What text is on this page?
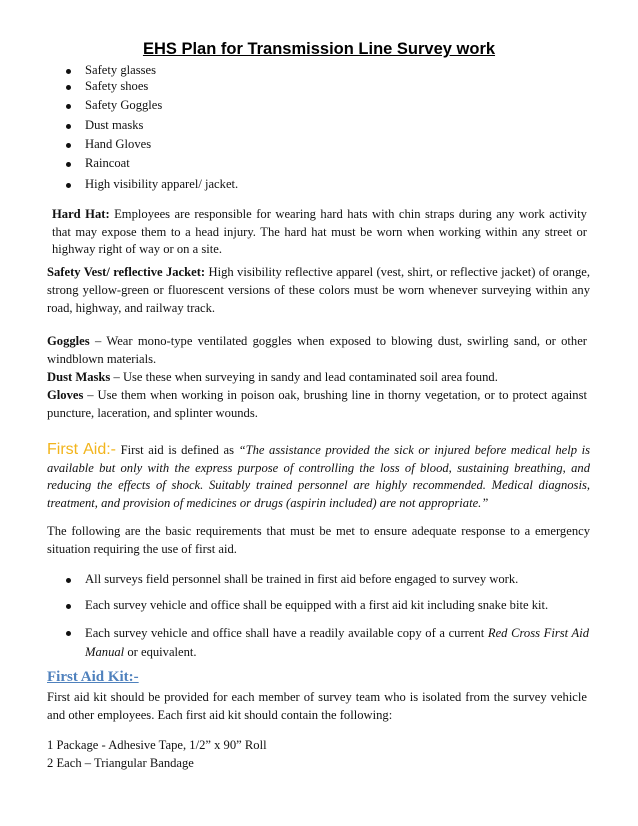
EHS Plan for Transmission Line Survey work
Safety glasses
Safety shoes
Safety Goggles
Dust masks
Hand Gloves
Raincoat
High visibility apparel/ jacket.
Hard Hat: Employees are responsible for wearing hard hats with chin straps during any work activity that may expose them to a head injury. The hard hat must be worn when working within any street or highway right of way or on a site.
Safety Vest/ reflective Jacket: High visibility reflective apparel (vest, shirt, or reflective jacket) of orange, strong yellow-green or fluorescent versions of these colors must be worn whenever surveying within any road, highway, and railway track.
Goggles – Wear mono-type ventilated goggles when exposed to blowing dust, swirling sand, or other windblown materials.
Dust Masks – Use these when surveying in sandy and lead contaminated soil area found.
Gloves – Use them when working in poison oak, brushing line in thorny vegetation, or to protect against puncture, laceration, and splinter wounds.
First Aid:- First aid is defined as “The assistance provided the sick or injured before medical help is available but only with the express purpose of controlling the loss of blood, sustaining breathing, and reducing the effects of shock. Suitably trained personnel are highly recommended. Medical diagnosis, treatment, and provision of medicines or drugs (aspirin included) are not appropriate.”
The following are the basic requirements that must be met to ensure adequate response to a emergency situation requiring the use of first aid.
All surveys field personnel shall be trained in first aid before engaged to survey work.
Each survey vehicle and office shall be equipped with a first aid kit including snake bite kit.
Each survey vehicle and office shall have a readily available copy of a current Red Cross First Aid Manual or equivalent.
First Aid Kit:-
First aid kit should be provided for each member of survey team who is isolated from the survey vehicle and other employees. Each first aid kit should contain the following:
1 Package - Adhesive Tape, 1/2” x 90” Roll
2 Each – Triangular Bandage
